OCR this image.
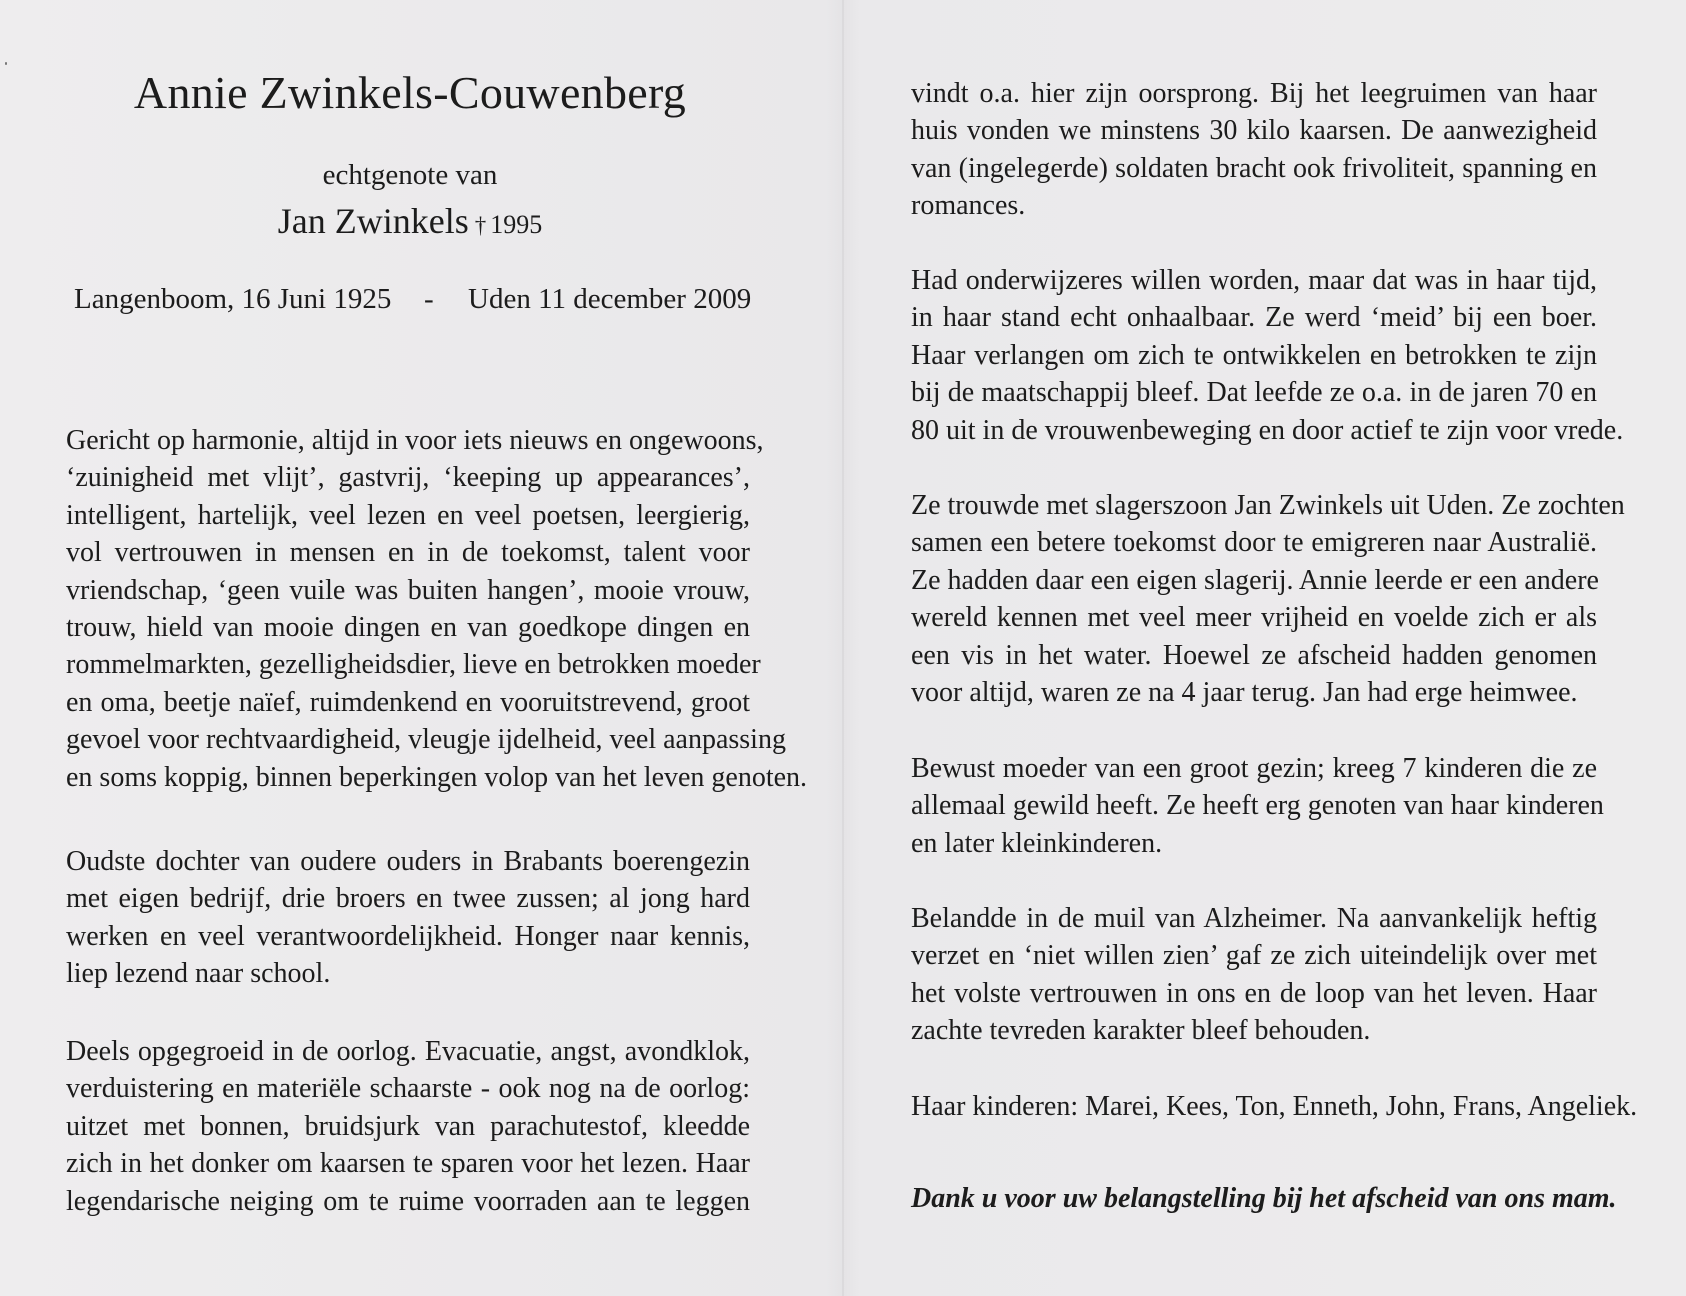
Annie Zwinkels-Couwenberg
echtgenote van
Jan Zwinkels † 1995
Langenboom, 16 Juni 1925 - Uden 11 december 2009
Gericht op harmonie, altijd in voor iets nieuws en ongewoons,
‘zuinigheid met vlijt’, gastvrij, ‘keeping up appearances’,
intelligent, hartelijk, veel lezen en veel poetsen, leergierig,
vol vertrouwen in mensen en in de toekomst, talent voor
vriendschap, ‘geen vuile was buiten hangen’, mooie vrouw,
trouw, hield van mooie dingen en van goedkope dingen en
rommelmarkten, gezelligheidsdier, lieve en betrokken moeder
en oma, beetje naïef, ruimdenkend en vooruitstrevend, groot
gevoel voor rechtvaardigheid, vleugje ijdelheid, veel aanpassing
en soms koppig, binnen beperkingen volop van het leven genoten.
Oudste dochter van oudere ouders in Brabants boerengezin
met eigen bedrijf, drie broers en twee zussen; al jong hard
werken en veel verantwoordelijkheid. Honger naar kennis,
liep lezend naar school.
Deels opgegroeid in de oorlog. Evacuatie, angst, avondklok,
verduistering en materiële schaarste - ook nog na de oorlog:
uitzet met bonnen, bruidsjurk van parachutestof, kleedde
zich in het donker om kaarsen te sparen voor het lezen. Haar
legendarische neiging om te ruime voorraden aan te leggen
vindt o.a. hier zijn oorsprong. Bij het leegruimen van haar
huis vonden we minstens 30 kilo kaarsen. De aanwezigheid
van (ingelegerde) soldaten bracht ook frivoliteit, spanning en
romances.
Had onderwijzeres willen worden, maar dat was in haar tijd,
in haar stand echt onhaalbaar. Ze werd ‘meid’ bij een boer.
Haar verlangen om zich te ontwikkelen en betrokken te zijn
bij de maatschappij bleef. Dat leefde ze o.a. in de jaren 70 en
80 uit in de vrouwenbeweging en door actief te zijn voor vrede.
Ze trouwde met slagerszoon Jan Zwinkels uit Uden. Ze zochten
samen een betere toekomst door te emigreren naar Australië.
Ze hadden daar een eigen slagerij. Annie leerde er een andere
wereld kennen met veel meer vrijheid en voelde zich er als
een vis in het water. Hoewel ze afscheid hadden genomen
voor altijd, waren ze na 4 jaar terug. Jan had erge heimwee.
Bewust moeder van een groot gezin; kreeg 7 kinderen die ze
allemaal gewild heeft. Ze heeft erg genoten van haar kinderen
en later kleinkinderen.
Belandde in de muil van Alzheimer. Na aanvankelijk heftig
verzet en ‘niet willen zien’ gaf ze zich uiteindelijk over met
het volste vertrouwen in ons en de loop van het leven. Haar
zachte tevreden karakter bleef behouden.
Haar kinderen: Marei, Kees, Ton, Enneth, John, Frans, Angeliek.
Dank u voor uw belangstelling bij het afscheid van ons mam.
